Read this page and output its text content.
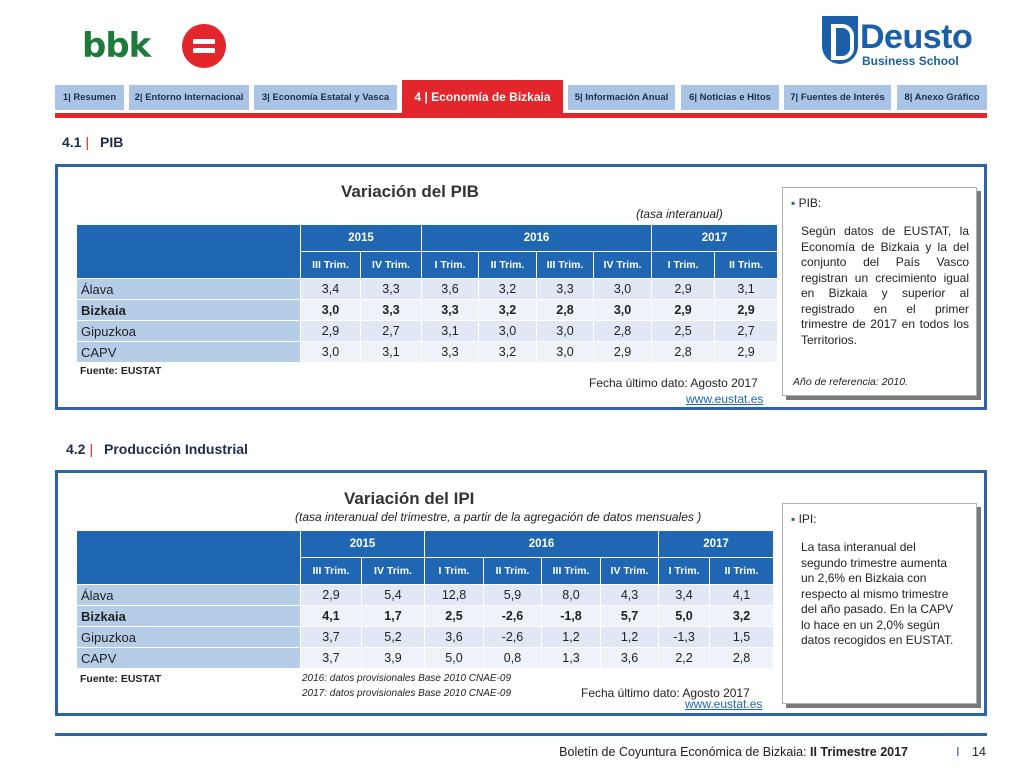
bbk	Deusto
Business School
1| Resumen	2| Entorno Internacional	3| Economía Estatal y Vasca	4 | Economía de Bizkaia	5| Información Anual	6| Noticias e Hitos	7| Fuentes de Interés	8| Anexo Gráfico
4.1 | PIB
Variación del PIB
(tasa interanual)
	2015		2016				2017	
	III Trim.	IV Trim.	I Trim.	II Trim.	III Trim.	IV Trim.	I Trim.	II Trim.
Álava	3,4	3,3	3,6	3,2	3,3	3,0	2,9	3,1
Bizkaia	3,0	3,3	3,3	3,2	2,8	3,0	2,9	2,9
Gipuzkoa	2,9	2,7	3,1	3,0	3,0	2,8	2,5	2,7
CAPV	3,0	3,1	3,3	3,2	3,0	2,9	2,8	2,9
Fuente: EUSTAT
Fecha último dato: Agosto 2017
www.eustat.es
▪ PIB:
Según datos de EUSTAT, la Economía de Bizkaia y la del conjunto del País Vasco registran un crecimiento igual en Bizkaia y superior al registrado en el primer trimestre de 2017 en todos los Territorios.
Año de referencia: 2010.
4.2 | Producción Industrial
Variación del IPI
(tasa interanual del trimestre, a partir de la agregación de datos mensuales )
	2015		2016				2017	
	III Trim.	IV Trim.	I Trim.	II Trim.	III Trim.	IV Trim.	I Trim.	II Trim.
Álava	2,9	5,4	12,8	5,9	8,0	4,3	3,4	4,1
Bizkaia	4,1	1,7	2,5	-2,6	-1,8	5,7	5,0	3,2
Gipuzkoa	3,7	5,2	3,6	-2,6	1,2	1,2	-1,3	1,5
CAPV	3,7	3,9	5,0	0,8	1,3	3,6	2,2	2,8
Fuente: EUSTAT	2016: datos provisionales Base 2010 CNAE-09
2017: datos provisionales Base 2010 CNAE-09	Fecha último dato: Agosto 2017
www.eustat.es
▪ IPI:
La tasa interanual del segundo trimestre aumenta un 2,6% en Bizkaia con respecto al mismo trimestre del año pasado. En la CAPV lo hace en un 2,0% según datos recogidos en EUSTAT.
Boletín de Coyuntura Económica de Bizkaia: II Trimestre 2017	I 14
